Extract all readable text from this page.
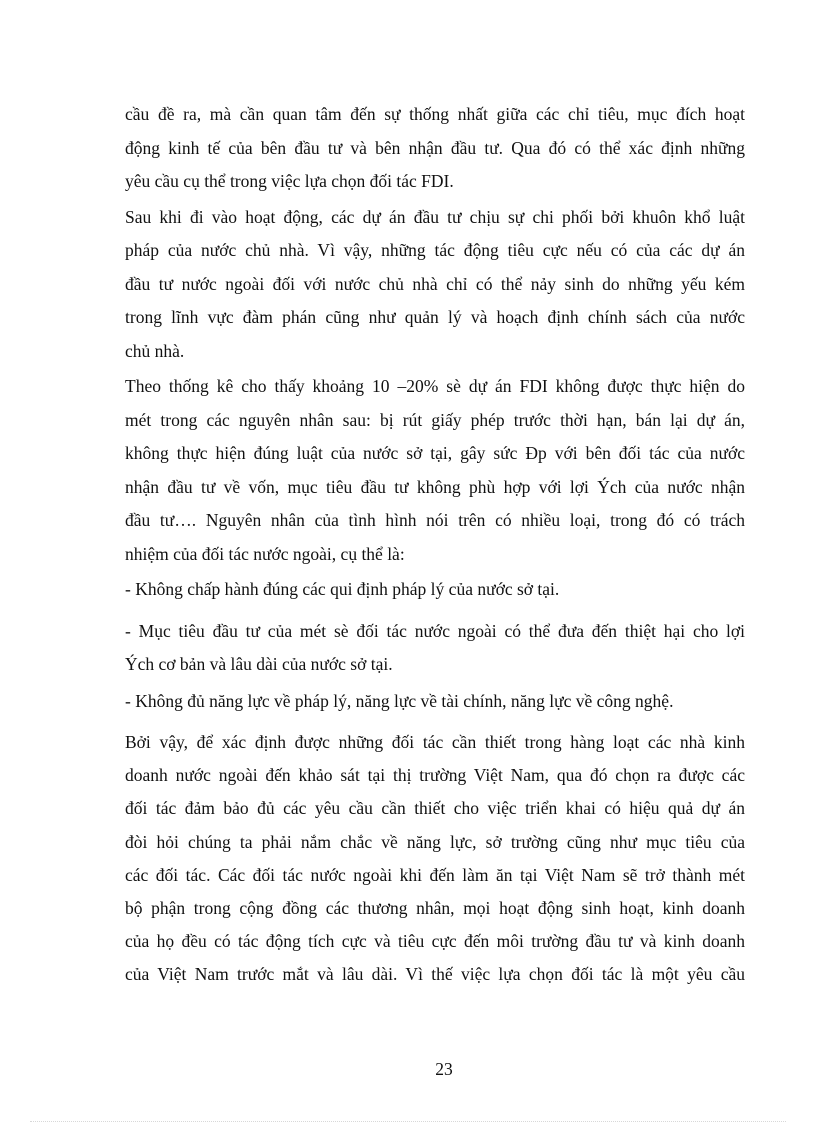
cầu đề ra, mà cần quan tâm đến sự thống nhất giữa các chỉ tiêu, mục đích hoạt
động kinh tế của bên đầu tư và bên nhận đầu tư. Qua đó có thể xác định những
yêu cầu cụ thể trong việc lựa chọn đối tác FDI.
Sau khi đi vào hoạt động, các dự án đầu tư chịu sự chi phối bởi khuôn khổ luật
pháp của nước chủ nhà. Vì vậy, những tác động tiêu cực nếu có của các dự án
đầu tư nước ngoài đối với nước chủ nhà chỉ có thể nảy sinh do những yếu kém
trong lĩnh vực đàm phán cũng như quản lý và hoạch định chính sách của nước
chủ nhà.
Theo thống kê cho thấy khoảng 10 –20% sè dự án FDI không được thực hiện do
mét trong các nguyên nhân sau: bị rút giấy phép trước thời hạn, bán lại dự án,
không thực hiện đúng luật của nước sở tại, gây sức Ðp với bên đối tác của nước
nhận đầu tư về vốn, mục tiêu đầu tư không phù hợp với lợi Ých của nước nhận
đầu tư…. Nguyên nhân của tình hình nói trên có nhiều loại, trong đó có trách
nhiệm của đối tác nước ngoài, cụ thể là:
- Không chấp hành đúng các qui định pháp lý của nước sở tại.
- Mục tiêu đầu tư của mét sè đối tác nước ngoài có thể đưa đến thiệt hại cho lợi
Ých cơ bản và lâu dài của nước sở tại.
- Không đủ năng lực về pháp lý, năng lực về tài chính, năng lực về công nghệ.
Bởi vậy, để xác định được những đối tác cần thiết trong hàng loạt các nhà kinh
doanh nước ngoài đến khảo sát tại thị trường Việt Nam, qua đó chọn ra được các
đối tác đảm bảo đủ các yêu cầu cần thiết cho việc triển khai có hiệu quả dự án
đòi hỏi chúng ta phải nắm chắc về năng lực, sở trường cũng như mục tiêu của
các đối tác. Các đối tác nước ngoài khi đến làm ăn tại Việt Nam sẽ trở thành mét
bộ phận trong cộng đồng các thương nhân, mọi hoạt động sinh hoạt, kinh doanh
của họ đều có tác động tích cực và tiêu cực đến môi trường đầu tư và kinh doanh
của Việt Nam trước mắt và lâu dài. Vì thế việc lựa chọn đối tác là một yêu cầu
23
